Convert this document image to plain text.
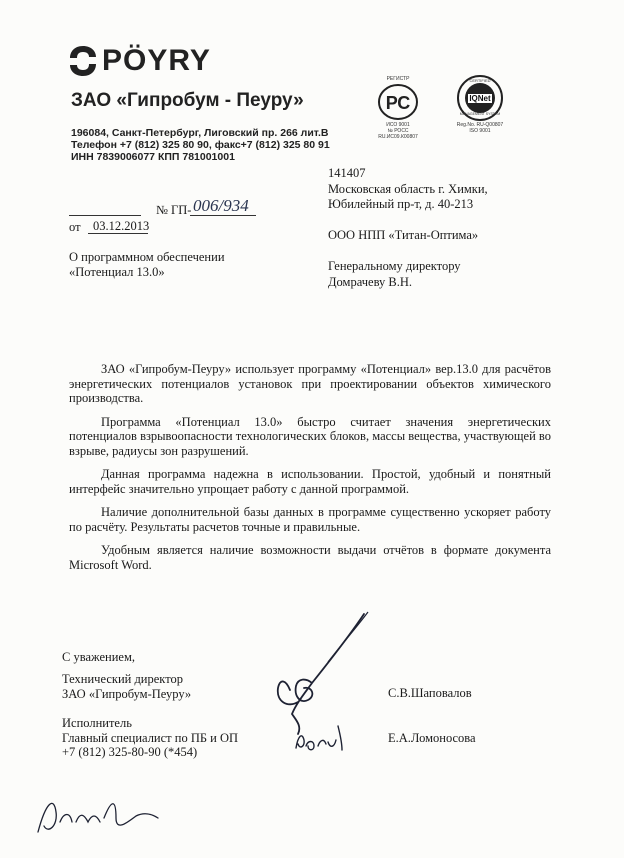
PÖYRY
ЗАО «Гипробум - Пеуру»
196084, Санкт-Петербург, Лиговский пр. 266 лит.В
Телефон +7 (812) 325 80 90, факс+7 (812) 325 80 91
ИНН 7839006077 КПП 781001001
РЕГИСТР
РС
ИСО 9001
№ РОСС RU.ИС09.К00807
CERTIFIED
IQNet
MANAGEMENT SYSTEM
Reg.No. RU-Q00807
ISO 9001
№ ГП- 006/934
от 03.12.2013
О программном обеспечении
«Потенциал 13.0»
141407
Московская область г. Химки,
Юбилейный пр-т, д. 40-213
ООО НПП «Титан-Оптима»
Генеральному директору
Домрачеву В.Н.

ЗАО «Гипробум-Пеуру» использует программу «Потенциал» вер.13.0 для расчётов энергетических потенциалов установок при проектировании объектов химического производства.

Программа «Потенциал 13.0» быстро считает значения энергетических потенциалов взрывоопасности технологических блоков, массы вещества, участвующей во взрыве, радиусы зон разрушений.

Данная программа надежна в использовании. Простой, удобный и понятный интерфейс значительно упрощает работу с данной программой.

Наличие дополнительной базы данных в программе существенно ускоряет работу по расчёту. Результаты расчетов точные и правильные.

Удобным является наличие возможности выдачи отчётов в формате документа Microsoft Word.

С уважением,
Технический директор
ЗАО «Гипробум-Пеуру»	С.В.Шаповалов
Исполнитель
Главный специалист по ПБ и ОП
+7 (812) 325-80-90 (*454)
Е.А.Ломоносова
